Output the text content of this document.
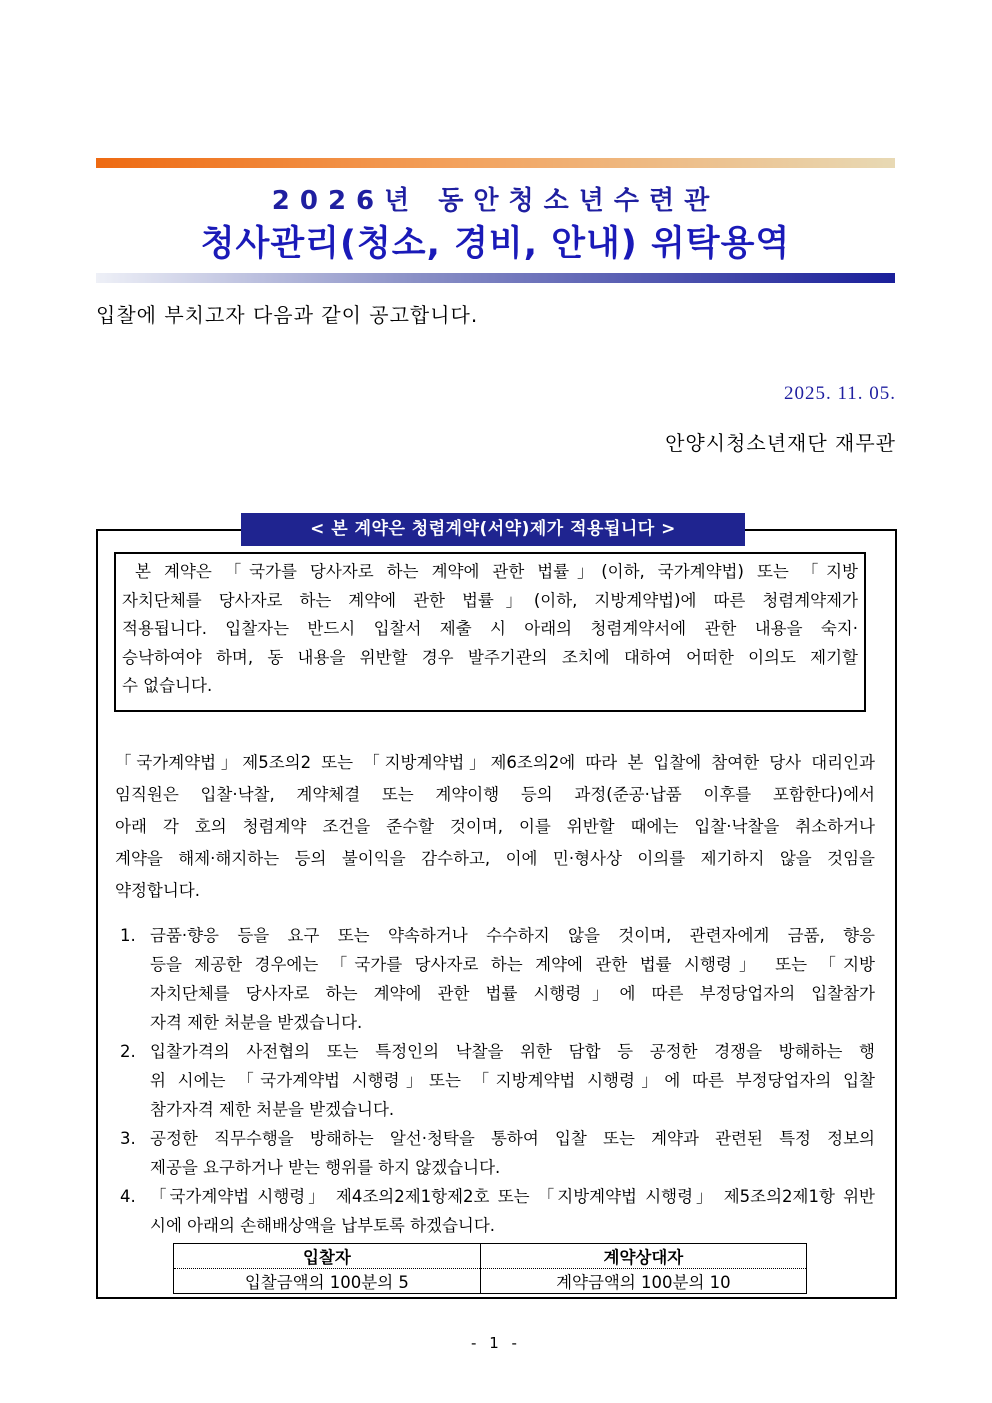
2026년 동안청소년수련관
청사관리(청소, 경비, 안내) 위탁용역
입찰에 부치고자 다음과 같이 공고합니다.
2025. 11. 05.
안양시청소년재단 재무관
< 본 계약은 청렴계약(서약)제가 적용됩니다 >
본 계약은 「국가를 당사자로 하는 계약에 관한 법률」(이하, 국가계약법) 또는 「지방
자치단체를 당사자로 하는 계약에 관한 법률」(이하, 지방계약법)에 따른 청렴계약제가
적용됩니다. 입찰자는 반드시 입찰서 제출 시 아래의 청렴계약서에 관한 내용을 숙지·
승낙하여야 하며, 동 내용을 위반할 경우 발주기관의 조치에 대하여 어떠한 이의도 제기할
수 없습니다.
「국가계약법」제5조의2 또는 「지방계약법」제6조의2에 따라 본 입찰에 참여한 당사 대리인과
임직원은 입찰·낙찰, 계약체결 또는 계약이행 등의 과정(준공·납품 이후를 포함한다)에서
아래 각 호의 청렴계약 조건을 준수할 것이며, 이를 위반할 때에는 입찰·낙찰을 취소하거나
계약을 해제·해지하는 등의 불이익을 감수하고, 이에 민·형사상 이의를 제기하지 않을 것임을
약정합니다.
1. 금품·향응 등을 요구 또는 약속하거나 수수하지 않을 것이며, 관련자에게 금품, 향응
등을 제공한 경우에는 「국가를 당사자로 하는 계약에 관한 법률 시행령」 또는 「지방
자치단체를 당사자로 하는 계약에 관한 법률 시행령」에 따른 부정당업자의 입찰참가
자격 제한 처분을 받겠습니다.
2. 입찰가격의 사전협의 또는 특정인의 낙찰을 위한 담합 등 공정한 경쟁을 방해하는 행
위 시에는 「국가계약법 시행령」또는 「지방계약법 시행령」에 따른 부정당업자의 입찰
참가자격 제한 처분을 받겠습니다.
3. 공정한 직무수행을 방해하는 알선·청탁을 통하여 입찰 또는 계약과 관련된 특정 정보의
제공을 요구하거나 받는 행위를 하지 않겠습니다.
4. 「국가계약법 시행령」 제4조의2제1항제2호 또는 「지방계약법 시행령」 제5조의2제1항 위반
시에 아래의 손해배상액을 납부토록 하겠습니다.
입찰자	계약상대자
입찰금액의 100분의 5	계약금액의 100분의 10
- 1 -
